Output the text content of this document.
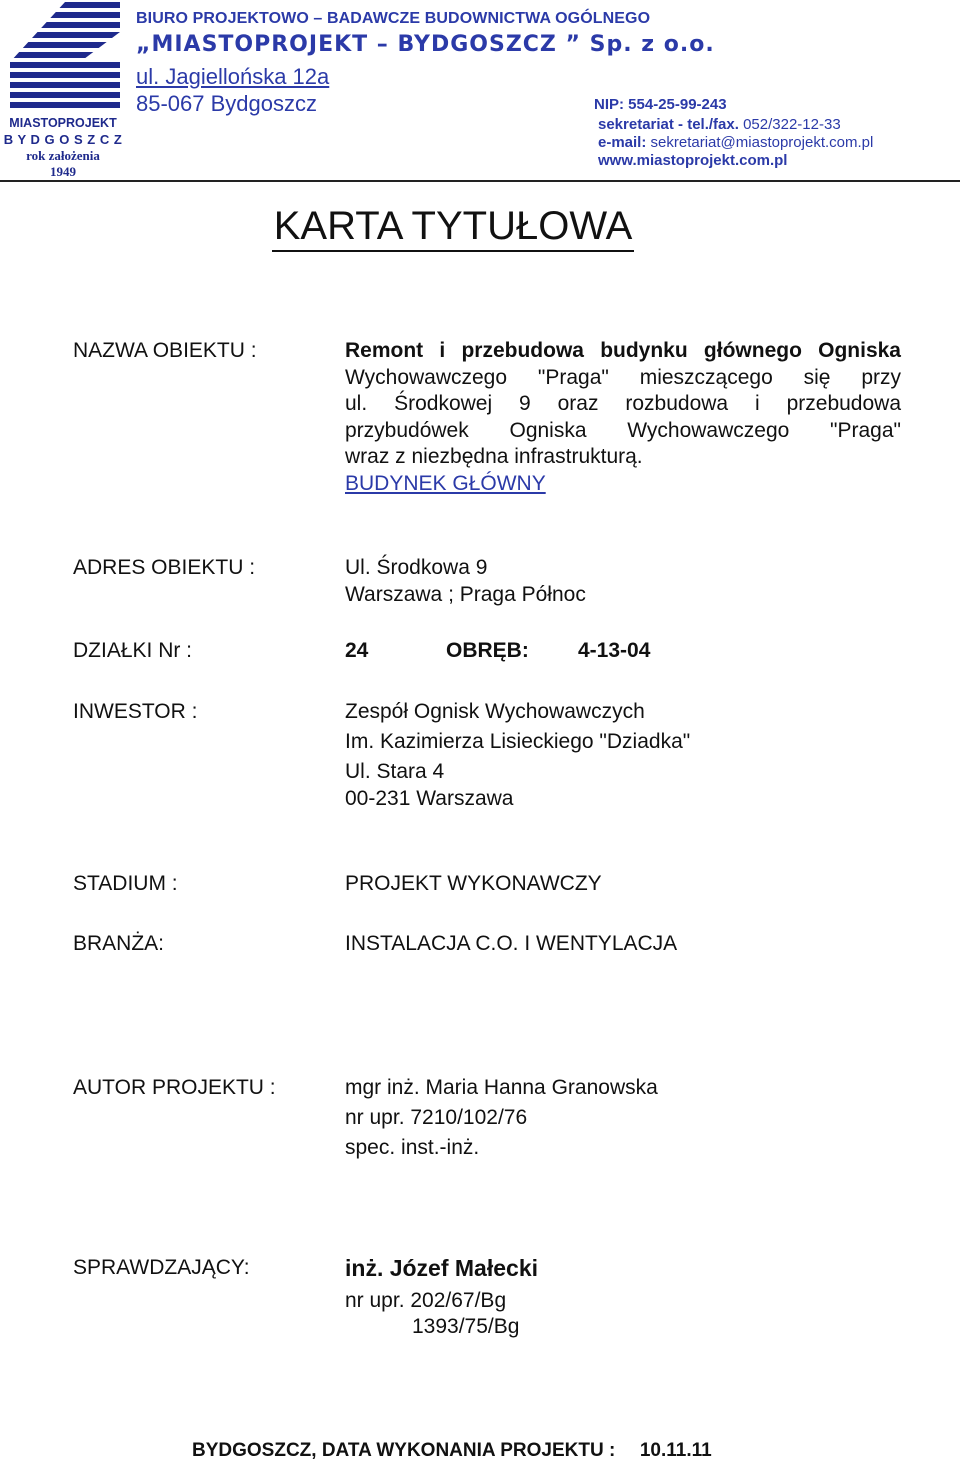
MIASTOPROJEKT
B Y D G O S Z C Z
rok założenia
1949
BIURO PROJEKTOWO – BADAWCZE BUDOWNICTWA OGÓLNEGO
„MIASTOPROJEKT – BYDGOSZCZ ” Sp. z o.o.
ul. Jagiellońska 12a
85-067 Bydgoszcz	NIP: 554-25-99-243
sekretariat - tel./fax. 052/322-12-33
e-mail: sekretariat@miastoprojekt.com.pl
www.miastoprojekt.com.pl
KARTA TYTUŁOWA
NAZWA OBIEKTU :	Remont i przebudowa budynku głównego Ogniska
Wychowawczego "Praga" mieszczącego się przy
ul. Środkowej 9 oraz rozbudowa i przebudowa
przybudówek Ogniska Wychowawczego "Praga"
wraz z niezbędna infrastrukturą.
BUDYNEK GŁÓWNY
ADRES OBIEKTU :	Ul. Środkowa 9
Warszawa ; Praga Północ
DZIAŁKI Nr :	24	OBRĘB: 4-13-04
INWESTOR :	Zespół Ognisk Wychowawczych
Im. Kazimierza Lisieckiego "Dziadka"
Ul. Stara 4
00-231 Warszawa
STADIUM :	PROJEKT WYKONAWCZY
BRANŻA:	INSTALACJA C.O. I WENTYLACJA
AUTOR PROJEKTU :	mgr inż. Maria Hanna Granowska
nr upr. 7210/102/76
spec. inst.-inż.
SPRAWDZAJĄCY:	inż. Józef Małecki
nr upr. 202/67/Bg
1393/75/Bg
BYDGOSZCZ, DATA WYKONANIA PROJEKTU : 10.11.11
